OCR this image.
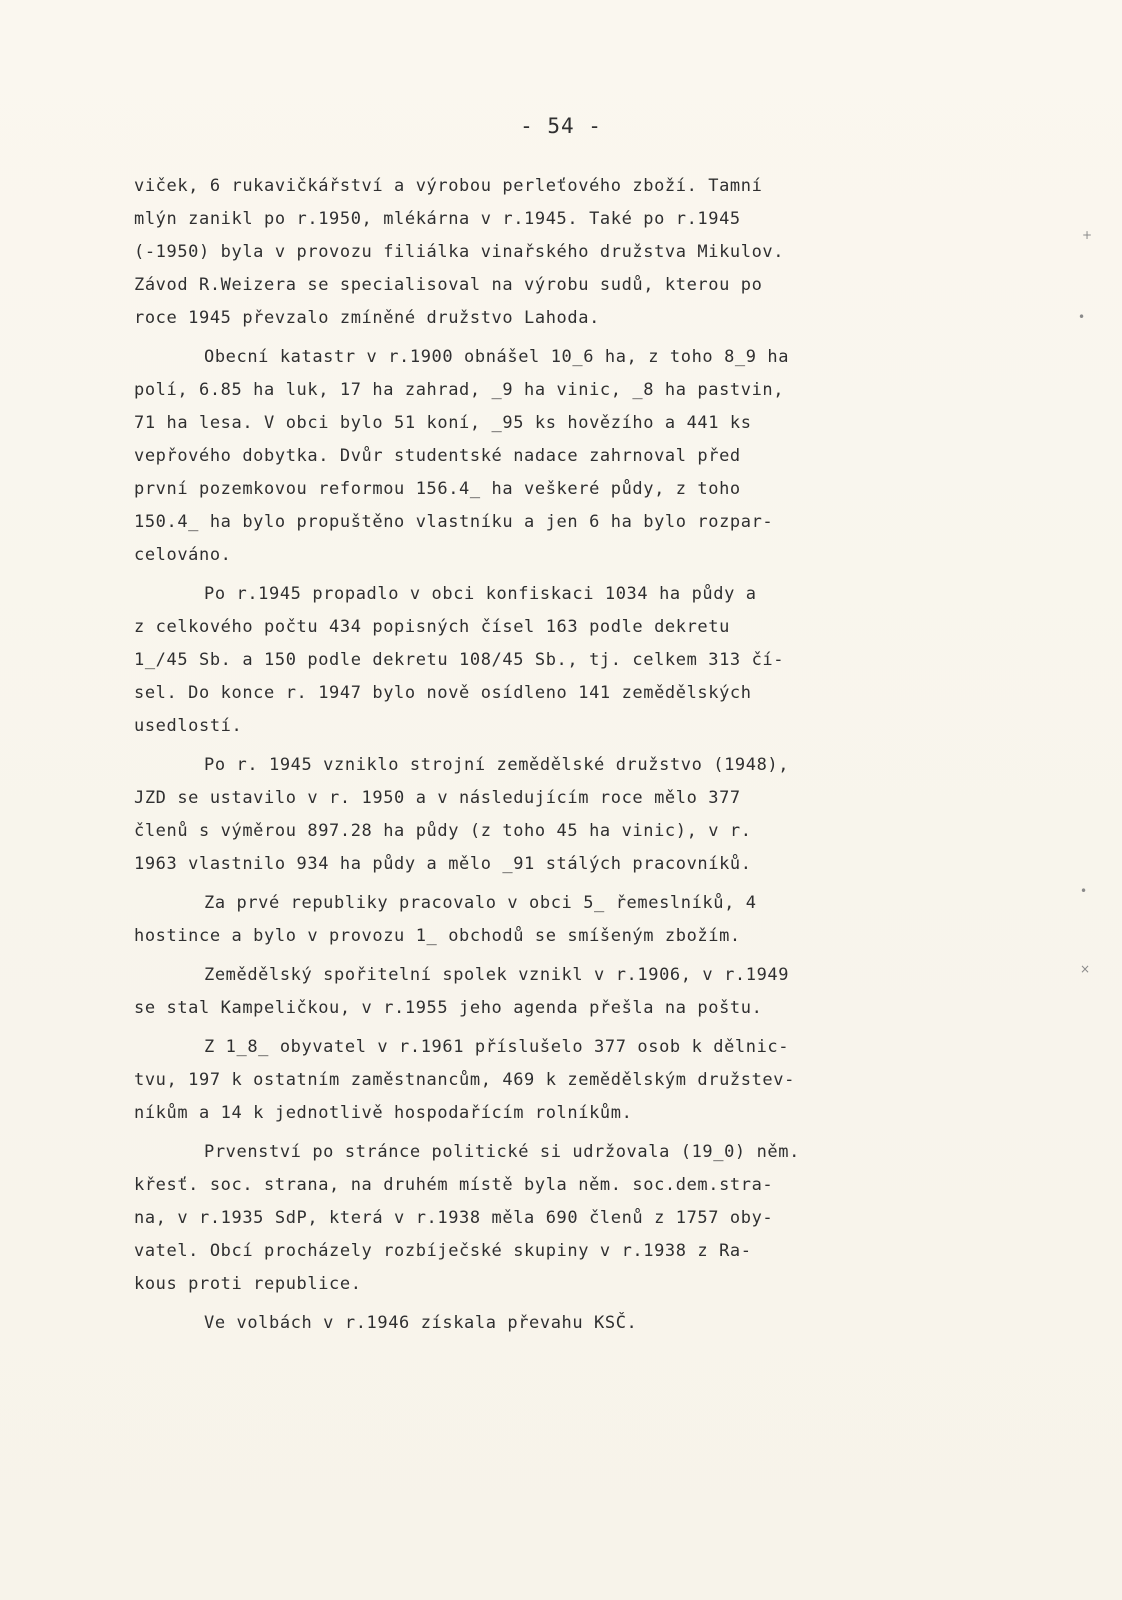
- 54 -
+
•
•
×
viček, 6 rukavičkářství a výrobou perleťového zboží. Tamní
mlýn zanikl po r.1950, mlékárna v r.1945. Také po r.1945
(-1950) byla v provozu filiálka vinařského družstva Mikulov.
Závod R.Weizera se specialisoval na výrobu sudů, kterou po
roce 1945 převzalo zmíněné družstvo Lahoda.
Obecní katastr v r.1900 obnášel 10_6 ha, z toho 8_9 ha
polí, 6.85 ha luk, 17 ha zahrad, _9 ha vinic, _8 ha pastvin,
71 ha lesa. V obci bylo 51 koní, _95 ks hovězího a 441 ks
vepřového dobytka. Dvůr studentské nadace zahrnoval před
první pozemkovou reformou 156.4_ ha veškeré půdy, z toho
150.4_ ha bylo propuštěno vlastníku a jen 6 ha bylo rozpar-
celováno.
Po r.1945 propadlo v obci konfiskaci 1034 ha půdy a
z celkového počtu 434 popisných čísel 163 podle dekretu
1_/45 Sb. a 150 podle dekretu 108/45 Sb., tj. celkem 313 čí-
sel. Do konce r. 1947 bylo nově osídleno 141 zemědělských
usedlostí.
Po r. 1945 vzniklo strojní zemědělské družstvo (1948),
JZD se ustavilo v r. 1950 a v následujícím roce mělo 377
členů s výměrou 897.28 ha půdy (z toho 45 ha vinic), v r.
1963 vlastnilo 934 ha půdy a mělo _91 stálých pracovníků.
Za prvé republiky pracovalo v obci 5_ řemeslníků, 4
hostince a bylo v provozu 1_ obchodů se smíšeným zbožím.
Zemědělský spořitelní spolek vznikl v r.1906, v r.1949
se stal Kampeličkou, v r.1955 jeho agenda přešla na poštu.
Z 1_8_ obyvatel v r.1961 příslušelo 377 osob k dělnic-
tvu, 197 k ostatním zaměstnancům, 469 k zemědělským družstev-
níkům a 14 k jednotlivě hospodařícím rolníkům.
Prvenství po stránce politické si udržovala (19_0) něm.
křesť. soc. strana, na druhém místě byla něm. soc.dem.stra-
na, v r.1935 SdP, která v r.1938 měla 690 členů z 1757 oby-
vatel. Obcí procházely rozbíječské skupiny v r.1938 z Ra-
kous proti republice.
Ve volbách v r.1946 získala převahu KSČ.
